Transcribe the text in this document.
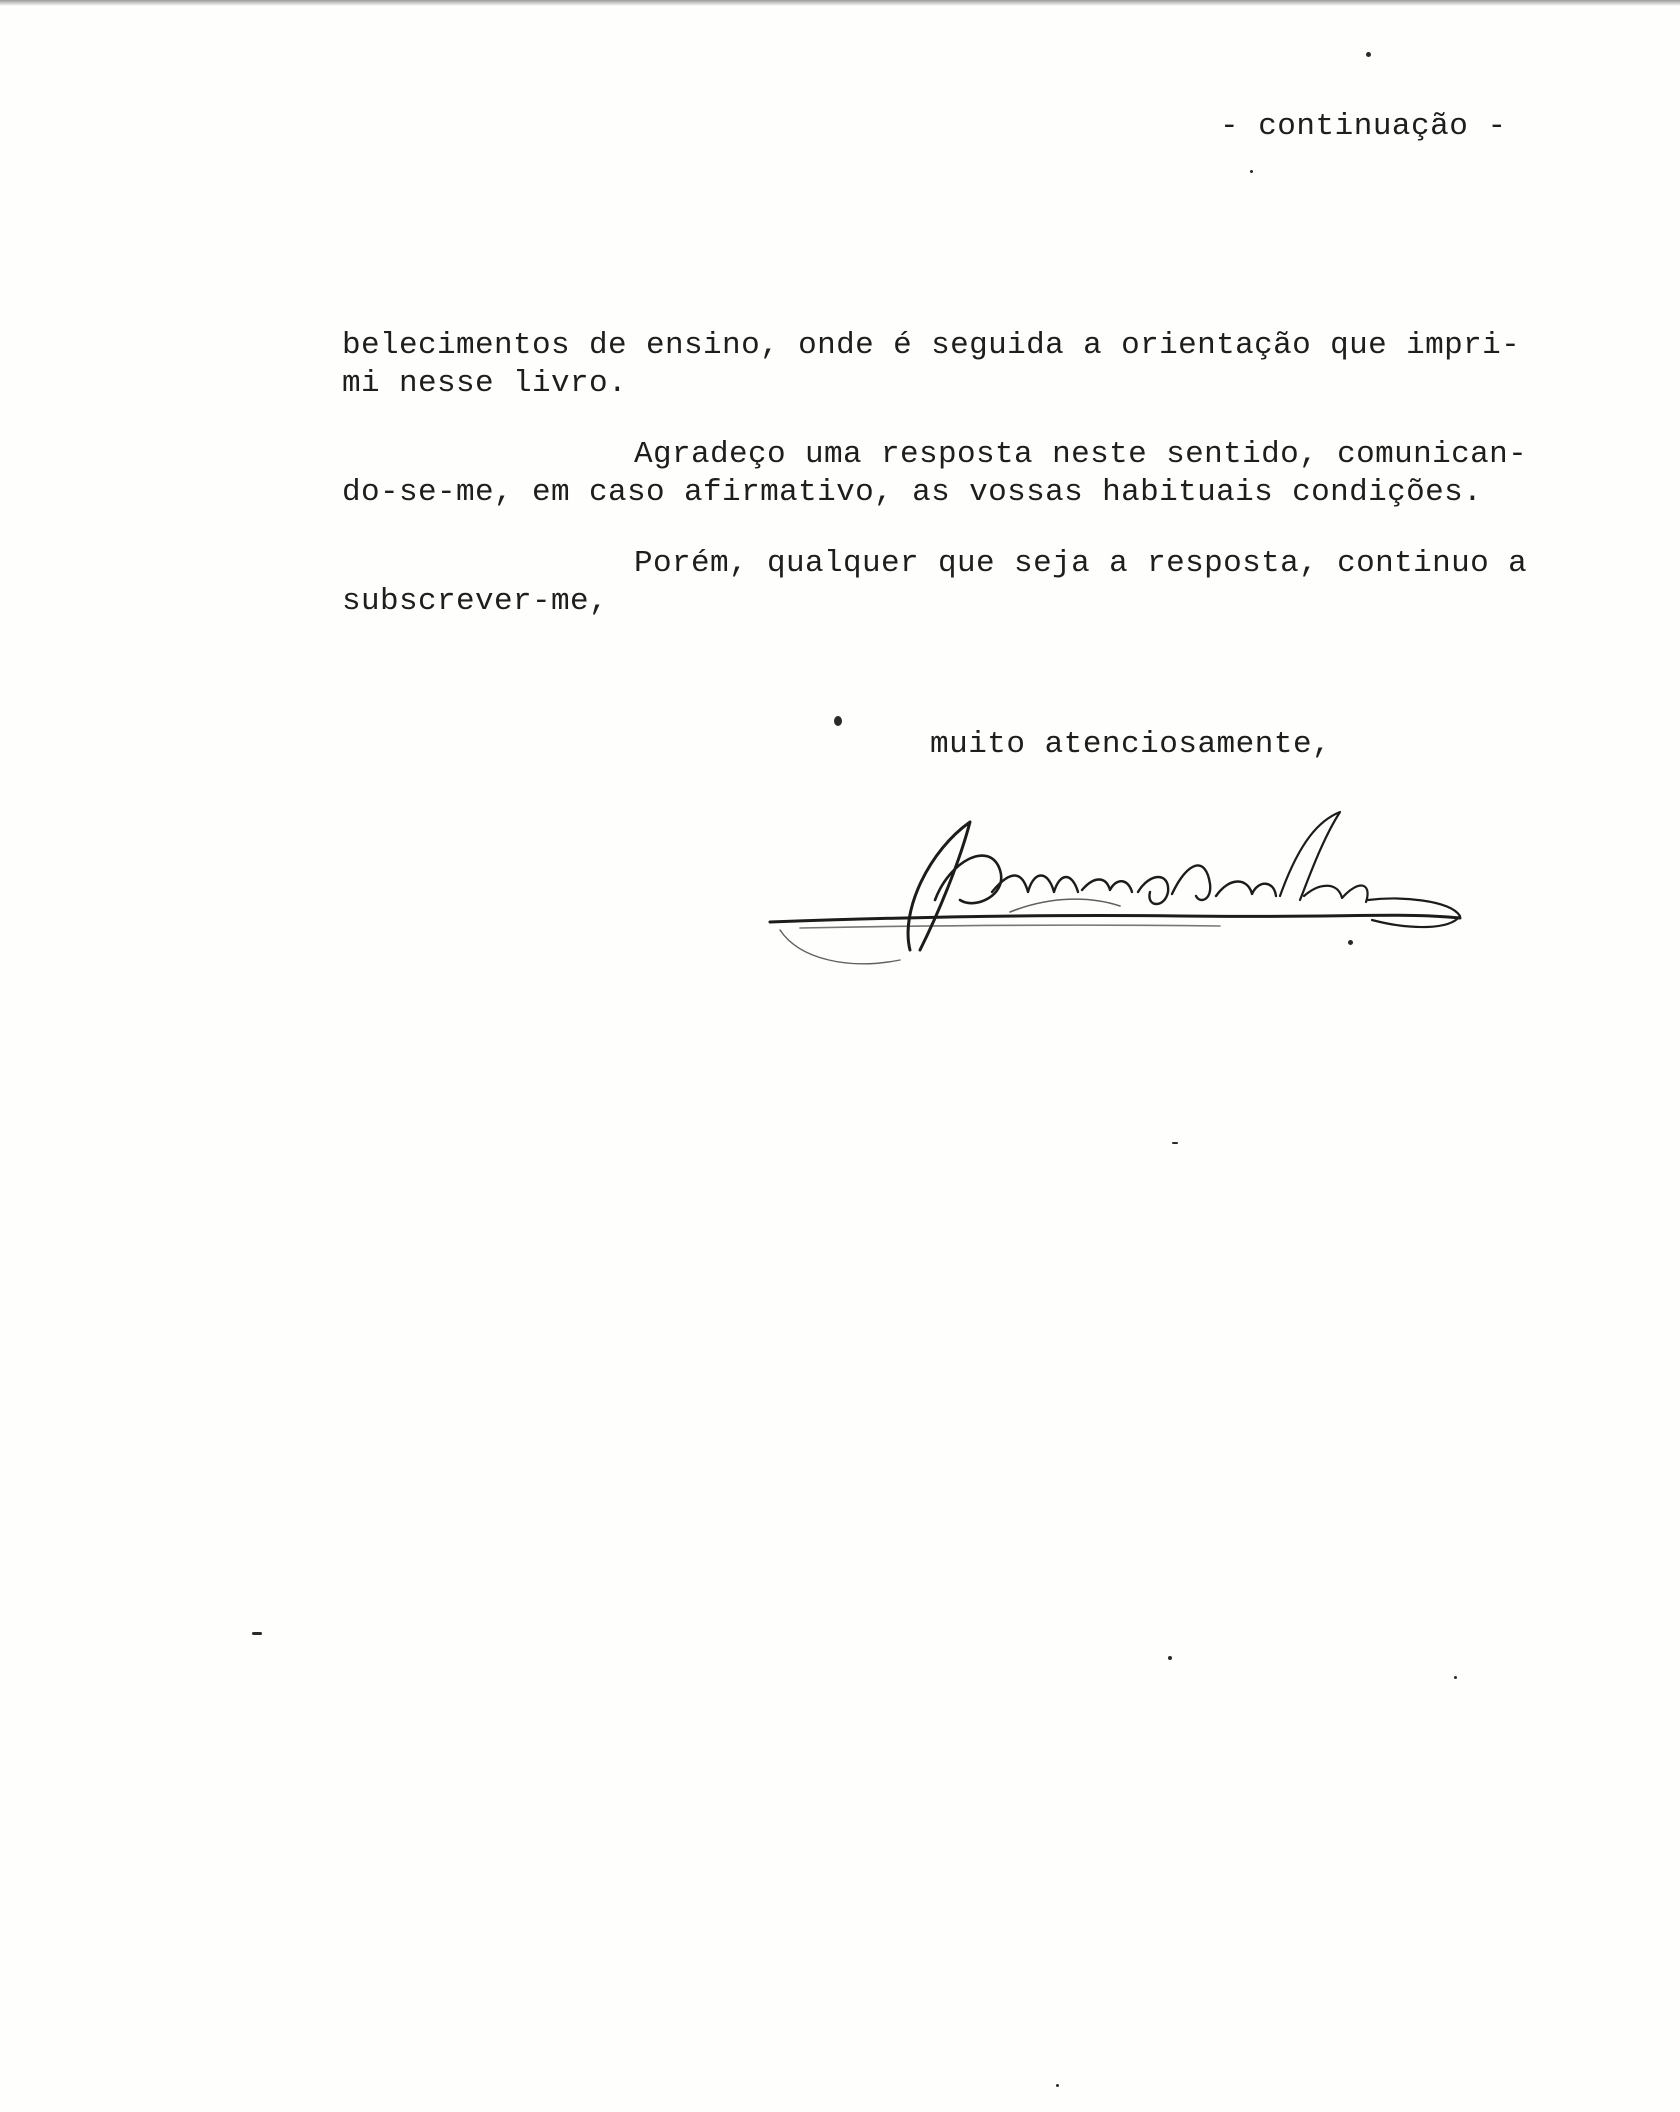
- continuação -
belecimentos de ensino, onde é seguida a orientação que impri-
mi nesse livro.
Agradeço uma resposta neste sentido, comunican-
do-se-me, em caso afirmativo, as vossas habituais condições.
Porém, qualquer que seja a resposta, continuo a
subscrever-me,
muito atenciosamente,
